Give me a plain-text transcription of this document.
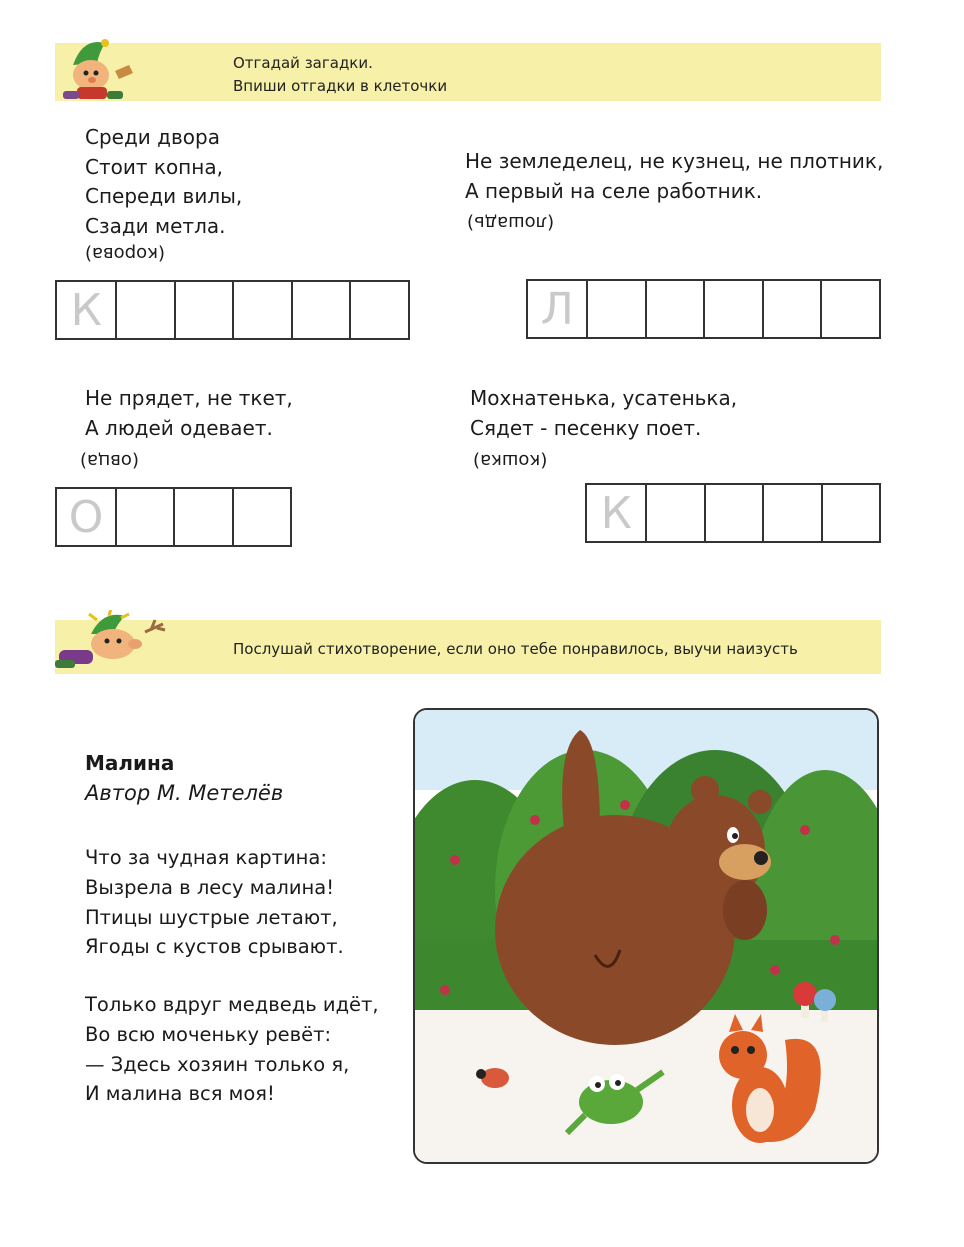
Отгадай загадки.
Впиши отгадки в клеточки
Среди двора
Стоит копна,
Спереди вилы,
Сзади метла.
(корова)
К
Не земледелец, не кузнец, не плотник,
А первый на селе работник.
(лошадь)
Л
Не прядет, не ткет,
А людей одевает.
(овца)
О
Мохнатенька, усатенька,
Сядет - песенку поет.
(кошка)
К
Послушай стихотворение, если оно тебе понравилось, выучи наизусть
Малина
Автор М. Метелёв
Что за чудная картина:
Вызрела в лесу малина!
Птицы шустрые летают,
Ягоды с кустов срывают.
Только вдруг медведь идёт,
Во всю моченьку ревёт:
— Здесь хозяин только я,
И малина вся моя!
